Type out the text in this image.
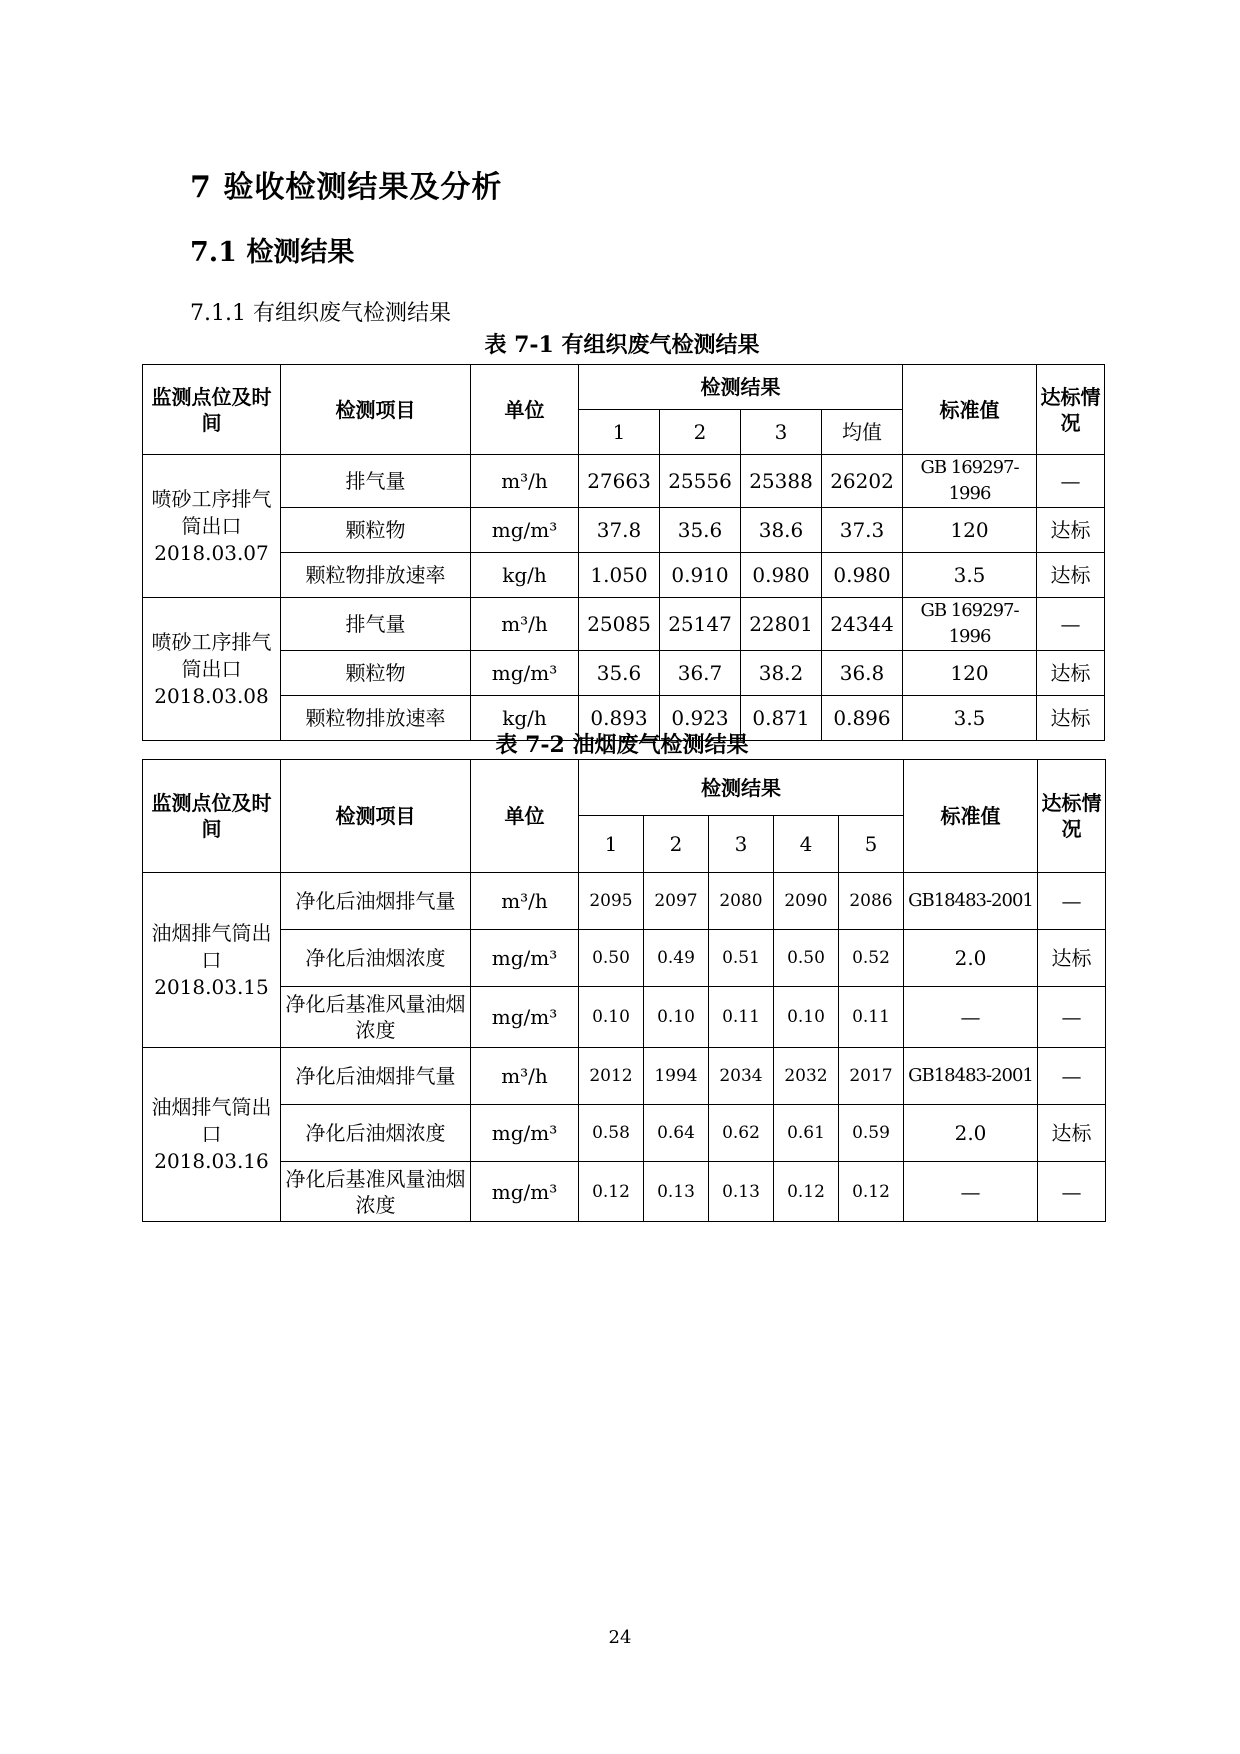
7 验收检测结果及分析
7.1 检测结果
7.1.1 有组织废气检测结果
表 7-1 有组织废气检测结果
监测点位及时间	检测项目	单位	检测结果				标准值	达标情况
			1	2	3	均值		
喷砂工序排气筒出口2018.03.07	排气量	m³/h	27663	25556	25388	26202	GB 169297-1996	—
	颗粒物	mg/m³	37.8	35.6	38.6	37.3	120	达标
	颗粒物排放速率	kg/h	1.050	0.910	0.980	0.980	3.5	达标
喷砂工序排气筒出口2018.03.08	排气量	m³/h	25085	25147	22801	24344	GB 169297-1996	—
	颗粒物	mg/m³	35.6	36.7	38.2	36.8	120	达标
	颗粒物排放速率	kg/h	0.893	0.923	0.871	0.896	3.5	达标
表 7-2 油烟废气检测结果
监测点位及时间	检测项目	单位	检测结果					标准值	达标情况
			1	2	3	4	5		
油烟排气筒出口2018.03.15	净化后油烟排气量	m³/h	2095	2097	2080	2090	2086	GB18483-2001	—
	净化后油烟浓度	mg/m³	0.50	0.49	0.51	0.50	0.52	2.0	达标
	净化后基准风量油烟浓度	mg/m³	0.10	0.10	0.11	0.10	0.11	—	—
油烟排气筒出口2018.03.16	净化后油烟排气量	m³/h	2012	1994	2034	2032	2017	GB18483-2001	—
	净化后油烟浓度	mg/m³	0.58	0.64	0.62	0.61	0.59	2.0	达标
	净化后基准风量油烟浓度	mg/m³	0.12	0.13	0.13	0.12	0.12	—	—
24
